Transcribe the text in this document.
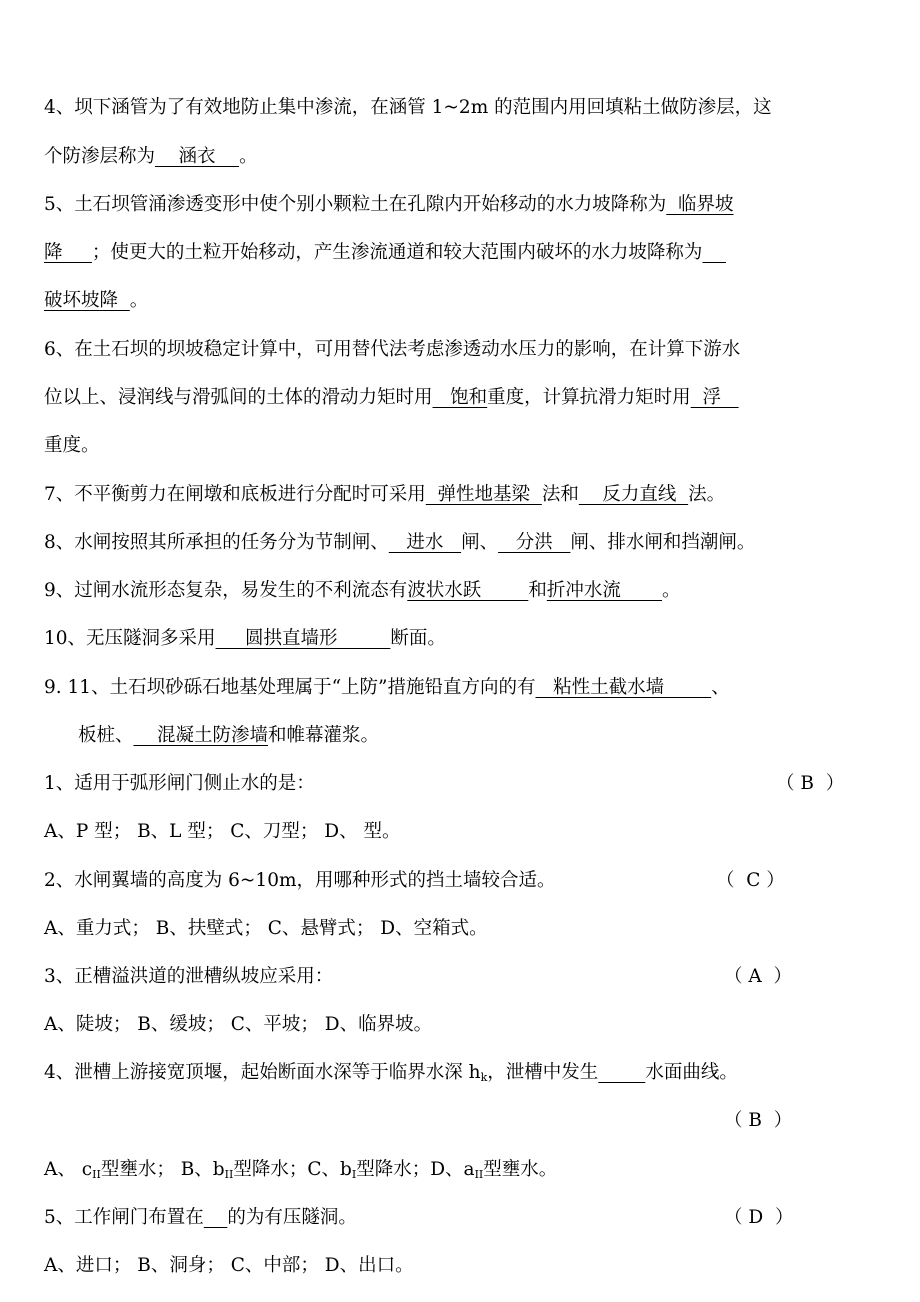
4、坝下涵管为了有效地防止集中渗流，在涵管 1~2m 的范围内用回填粘土做防渗层，这
个防渗层称为    涵衣    。
5、土石坝管涌渗透变形中使个别小颗粒土在孔隙内开始移动的水力坡降称为  临界坡
降     ；使更大的土粒开始移动，产生渗流通道和较大范围内破坏的水力坡降称为
破坏坡降  。
6、在土石坝的坝坡稳定计算中，可用替代法考虑渗透动水压力的影响，在计算下游水
位以上、浸润线与滑弧间的土体的滑动力矩时用   饱和重度，计算抗滑力矩时用  浮
重度。
7、不平衡剪力在闸墩和底板进行分配时可采用  弹性地基梁  法和    反力直线  法。
8、水闸按照其所承担的任务分为节制闸、   进水   闸、   分洪   闸、排水闸和挡潮闸。
9、过闸水流形态复杂，易发生的不利流态有波状水跃        和折冲水流       。
10、无压隧洞多采用     圆拱直墙形         断面。
9. 11、土石坝砂砾石地基处理属于“上防”措施铅直方向的有   粘性土截水墙        、
板桩、    混凝土防渗墙和帷幕灌浆。
1、适用于弧形闸门侧止水的是：	（ B  ）
A、P 型； B、L 型； C、刀型； D、 型。
2、水闸翼墙的高度为 6~10m，用哪种形式的挡土墙较合适。	（  C ）
A、重力式； B、扶壁式； C、悬臂式； D、空箱式。
3、正槽溢洪道的泄槽纵坡应采用：	（ A  ）
A、陡坡； B、缓坡； C、平坡； D、临界坡。
4、泄槽上游接宽顶堰，起始断面水深等于临界水深 $h_k$，泄槽中发生	水面曲线。
（ B  ）
A、 $c_{II}$型壅水； B、$b_{II}$型降水；C、$b_I$型降水；D、$a_{II}$型壅水。
5、工作闸门布置在 的为有压隧洞。	（ D  ）
A、进口； B、洞身； C、中部； D、出口。
